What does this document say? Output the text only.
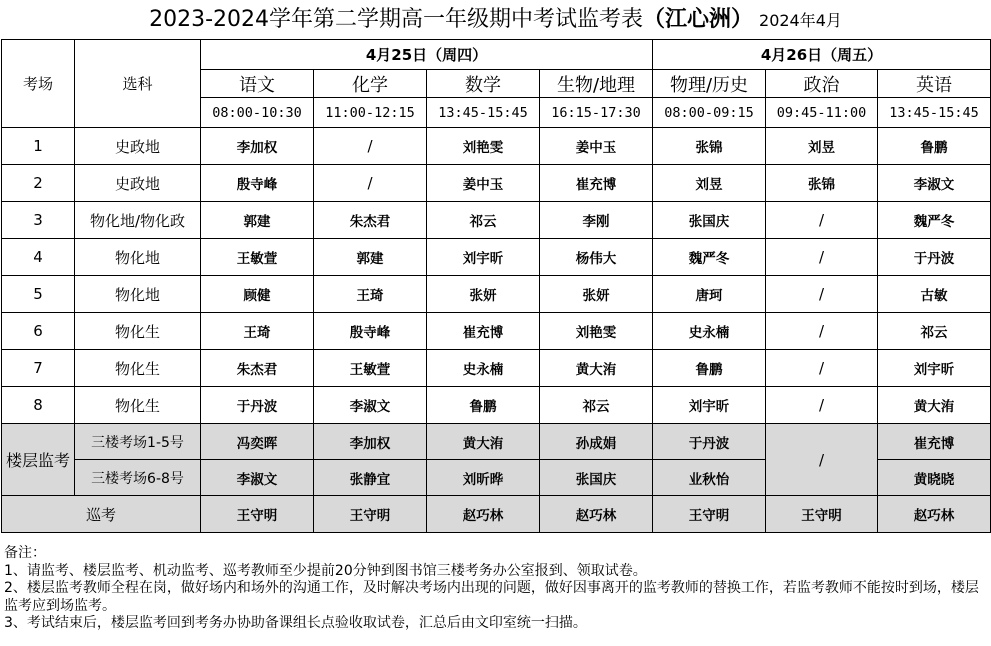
2023-2024学年第二学期高一年级期中考试监考表（江心洲） 2024年4月
考场	选科	4月25日（周四）				4月26日（周五）		
		语文	化学	数学	生物/地理	物理/历史	政治	英语
		08:00-10:30	11:00-12:15	13:45-15:45	16:15-17:30	08:00-09:15	09:45-11:00	13:45-15:45
1	史政地	李加权	/	刘艳雯	姜中玉	张锦	刘昱	鲁鹏
2	史政地	殷寺峰	/	姜中玉	崔充博	刘昱	张锦	李淑文
3	物化地/物化政	郭建	朱杰君	祁云	李刚	张国庆	/	魏严冬
4	物化地	王敏萱	郭建	刘宇昕	杨伟大	魏严冬	/	于丹波
5	物化地	顾健	王琦	张妍	张妍	唐珂	/	古敏
6	物化生	王琦	殷寺峰	崔充博	刘艳雯	史永楠	/	祁云
7	物化生	朱杰君	王敏萱	史永楠	黄大洧	鲁鹏	/	刘宇昕
8	物化生	于丹波	李淑文	鲁鹏	祁云	刘宇昕	/	黄大洧
楼层监考	三楼考场1-5号	冯奕晖	李加权	黄大洧	孙成娟	于丹波	/	崔充博
	三楼考场6-8号	李淑文	张静宜	刘昕晔	张国庆	业秋怡		黄晓晓
巡考		王守明	王守明	赵巧林	赵巧林	王守明	王守明	赵巧林
备注：
1、请监考、楼层监考、机动监考、巡考教师至少提前20分钟到图书馆三楼考务办公室报到、领取试卷。
2、楼层监考教师全程在岗，做好场内和场外的沟通工作，及时解决考场内出现的问题，做好因事离开的监考教师的替换工作，若监考教师不能按时到场，楼层监考应到场监考。
3、考试结束后，楼层监考回到考务办协助备课组长点验收取试卷，汇总后由文印室统一扫描。
